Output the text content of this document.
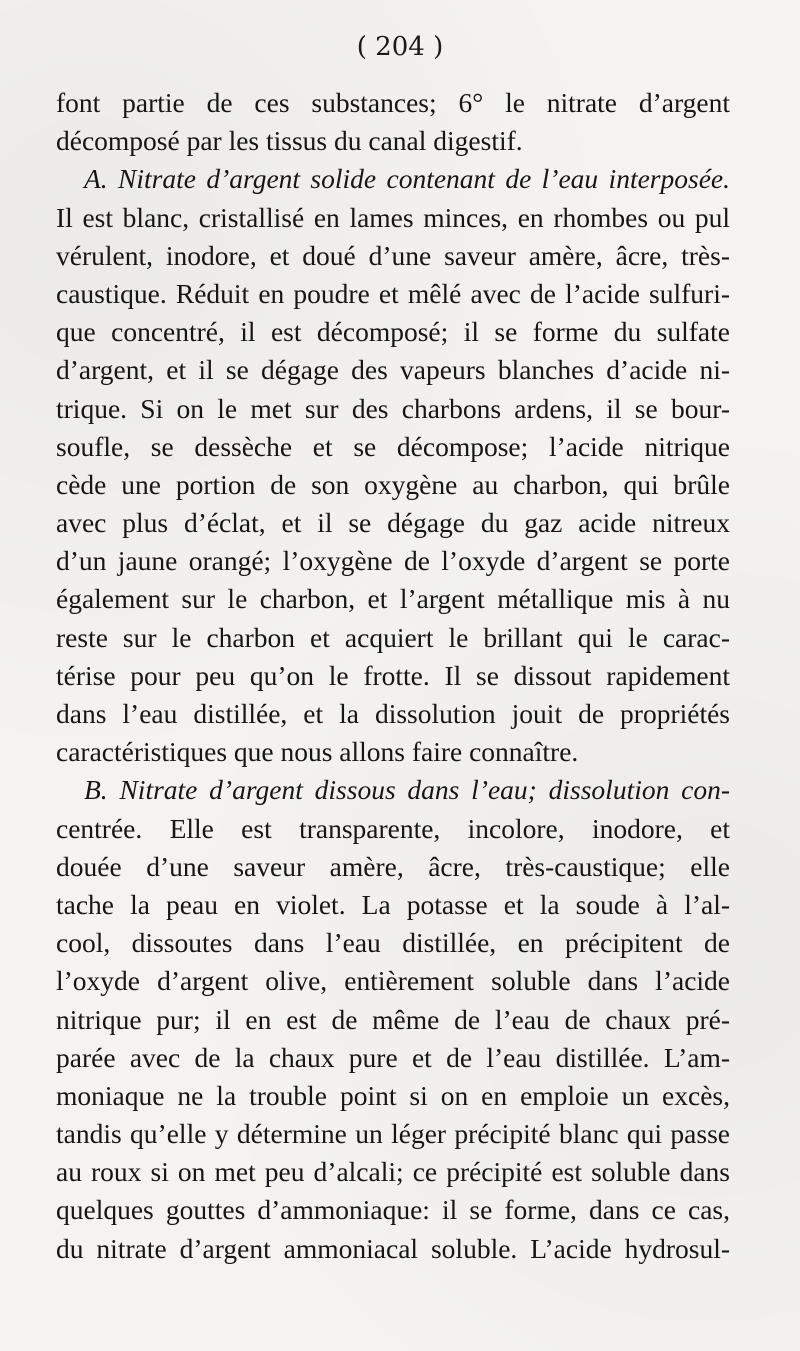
( 204 )
font partie de ces substances; 6° le nitrate d’argent
décomposé par les tissus du canal digestif.
A. Nitrate d’argent solide contenant de l’eau interposée.
Il est blanc, cristallisé en lames minces, en rhombes ou pul
vérulent, inodore, et doué d’une saveur amère, âcre, très-
caustique. Réduit en poudre et mêlé avec de l’acide sulfuri-
que concentré, il est décomposé; il se forme du sulfate
d’argent, et il se dégage des vapeurs blanches d’acide ni-
trique. Si on le met sur des charbons ardens, il se bour-
soufle, se dessèche et se décompose; l’acide nitrique
cède une portion de son oxygène au charbon, qui brûle
avec plus d’éclat, et il se dégage du gaz acide nitreux
d’un jaune orangé; l’oxygène de l’oxyde d’argent se porte
également sur le charbon, et l’argent métallique mis à nu
reste sur le charbon et acquiert le brillant qui le carac-
térise pour peu qu’on le frotte. Il se dissout rapidement
dans l’eau distillée, et la dissolution jouit de propriétés
caractéristiques que nous allons faire connaître.
B. Nitrate d’argent dissous dans l’eau; dissolution con-
centrée. Elle est transparente, incolore, inodore, et
douée d’une saveur amère, âcre, très-caustique; elle
tache la peau en violet. La potasse et la soude à l’al-
cool, dissoutes dans l’eau distillée, en précipitent de
l’oxyde d’argent olive, entièrement soluble dans l’acide
nitrique pur; il en est de même de l’eau de chaux pré-
parée avec de la chaux pure et de l’eau distillée. L’am-
moniaque ne la trouble point si on en emploie un excès,
tandis qu’elle y détermine un léger précipité blanc qui passe
au roux si on met peu d’alcali; ce précipité est soluble dans
quelques gouttes d’ammoniaque: il se forme, dans ce cas,
du nitrate d’argent ammoniacal soluble. L’acide hydrosul-
